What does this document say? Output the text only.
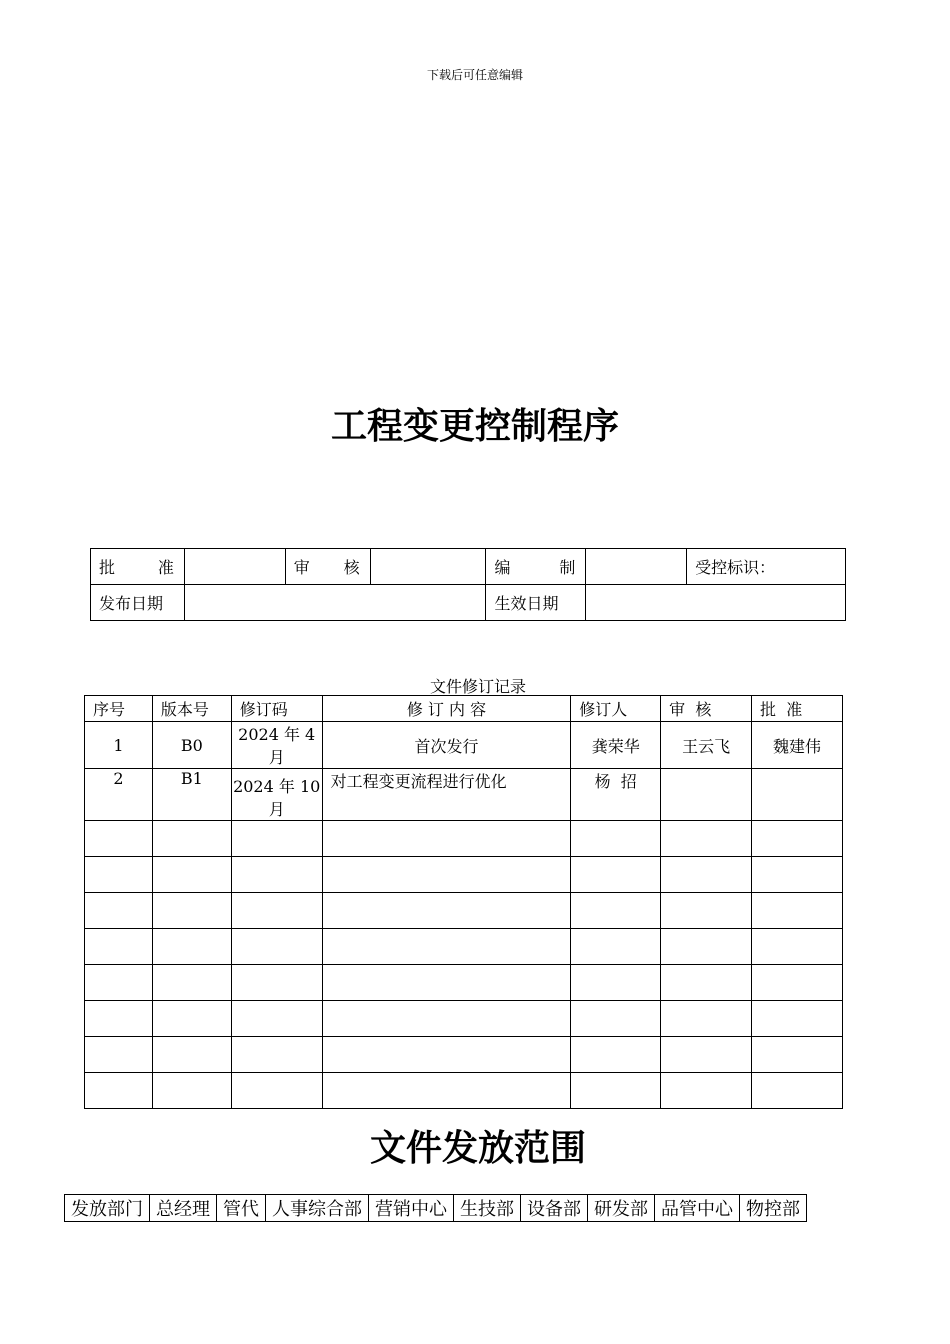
下载后可任意编辑
工程变更控制程序
批 准		审 核		编 制		受控标识：
发布日期				生效日期		
文件修订记录
序号	版本号	修订码	修 订 内 容	修订人	审  核	批  准
1	B0	2024 年 4 月	首次发行	龚荣华	王云飞	魏建伟
2	B1	2024 年 10 月	对工程变更流程进行优化	杨  招		

文件发放范围
发放部门	总经理	管代	人事综合部	营销中心	生技部	设备部	研发部	品管中心	物控部
